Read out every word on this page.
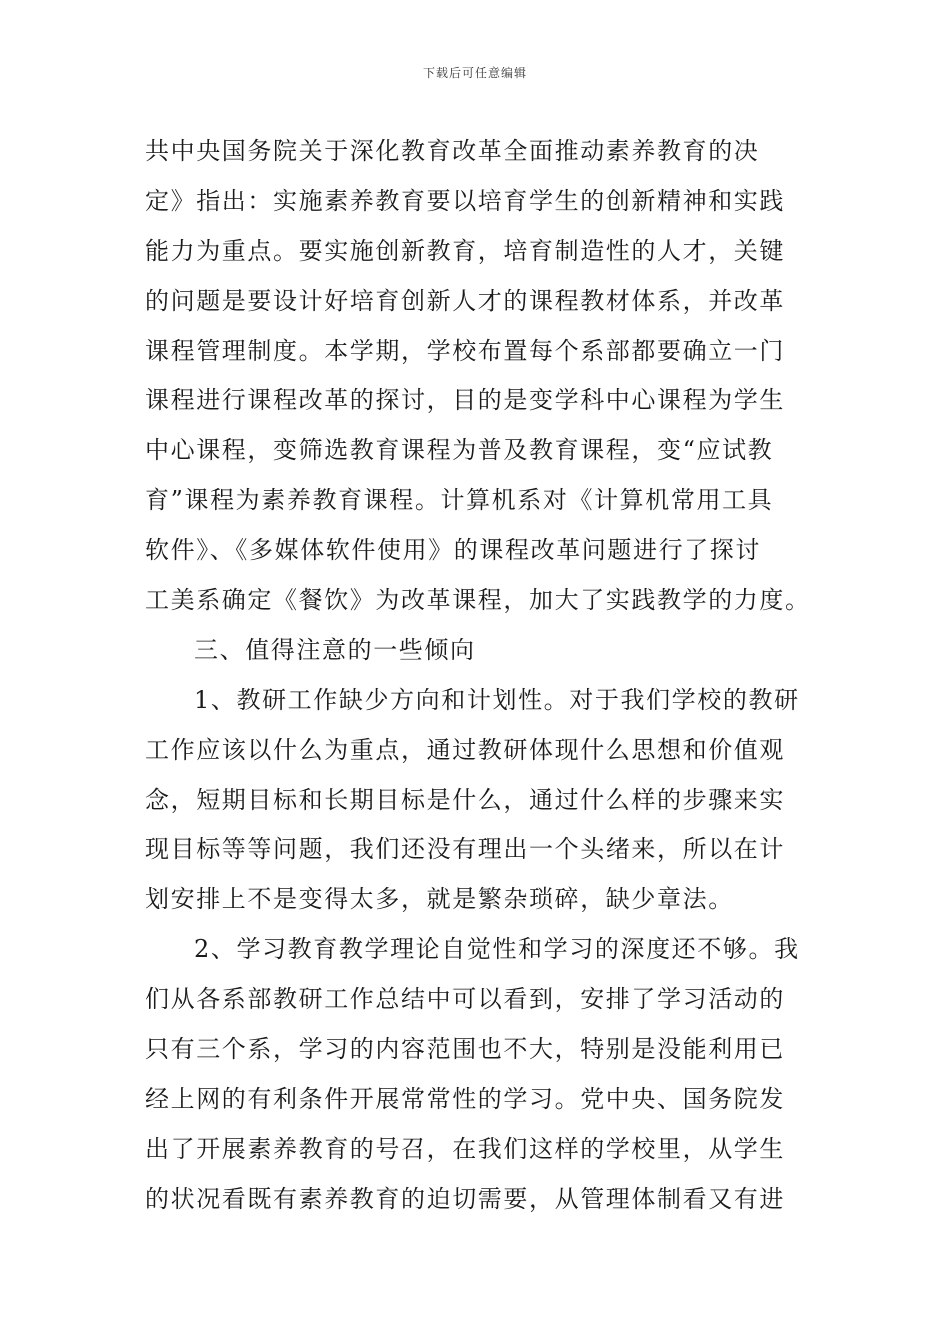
下载后可任意编辑
共中央国务院关于深化教育改革全面推动素养教育的决
定》指出：实施素养教育要以培育学生的创新精神和实践
能力为重点。要实施创新教育，培育制造性的人才，关键
的问题是要设计好培育创新人才的课程教材体系，并改革
课程管理制度。本学期，学校布置每个系部都要确立一门
课程进行课程改革的探讨，目的是变学科中心课程为学生
中心课程，变筛选教育课程为普及教育课程，变“应试教
育”课程为素养教育课程。计算机系对《计算机常用工具
软件》、《多媒体软件使用》的课程改革问题进行了探讨
工美系确定《餐饮》为改革课程，加大了实践教学的力度。
三、值得注意的一些倾向
1、教研工作缺少方向和计划性。对于我们学校的教研
工作应该以什么为重点，通过教研体现什么思想和价值观
念，短期目标和长期目标是什么，通过什么样的步骤来实
现目标等等问题，我们还没有理出一个头绪来，所以在计
划安排上不是变得太多，就是繁杂琐碎，缺少章法。
2、学习教育教学理论自觉性和学习的深度还不够。我
们从各系部教研工作总结中可以看到，安排了学习活动的
只有三个系，学习的内容范围也不大，特别是没能利用已
经上网的有利条件开展常常性的学习。党中央、国务院发
出了开展素养教育的号召，在我们这样的学校里，从学生
的状况看既有素养教育的迫切需要，从管理体制看又有进
